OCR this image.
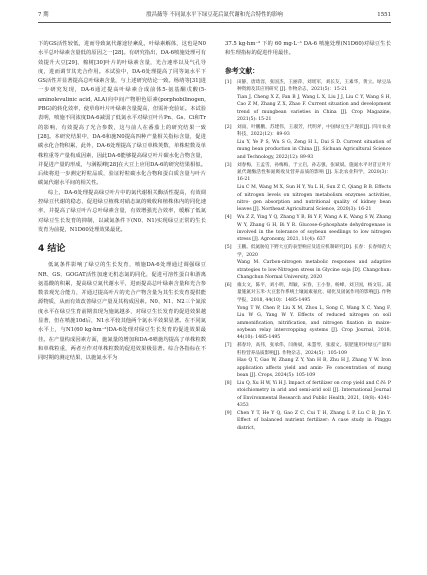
7 期	殷昌薇等 不同氮水平下绿豆花后氮代谢和光合特性的影响	1551

下的GS活性较低，进而导致氮代谢途径紊乱，叶绿素解体，这也是N0水平总叶绿素含量低的原因之一[28]。有研究指出，DA-6喷施处理可有效提升大豆[29]、棉树[30]叶片的叶绿素含量，光合速率以及气孔导度，进而调节其光合作用。本试验中，DA-6处理提高了同等氮水平下GS活性并显著提高总叶绿素含量，与上述研究结论一致。杨靖等[31]进一步研究发现，DA-6通过提高叶绿素合成前体5-氨基酮戊酸(5-aminolevulinic acid, ALA)向中间产物胆色原素(porphobilinogen, PBG)的转化效率，使草莓叶片叶绿素含量提高，但需补充验证。本试验表明，喷施不同浓度DA-6减弱了低氮水平对绿豆叶片Pn、Gs、Ci和Tr的影响，有效提高了光合参数，这与前人在番茄上的研究结果一致[28]。本研究结果中，DA-6和施N0提高四种产量相关指标含量，促进碳水化合物积累，此外，DA-6处理提高了绿豆单株荚数、单株粒数及单株粒重等产量构成因素，因此DA-6能够提高绿豆叶片碳水化合物含量，并促进产量的形成，与满振峰[28]在大豆上应用DA-6的研究结果相似。后续将进一步测定籽粒品质，验证籽粒碳水化合物和蛋白质含量与叶片碳氮代谢水平间的相关性。

综上，DA-6处理提高绿豆叶片中的氮代谢相关酶活性提高，有效调控绿豆代谢的稳态，促进绿豆植株对硝态氮的吸收和植株体内的同化速率，并提高了绿豆叶片总叶绿素含量，有效增强光合效率，缓解了低氮对绿豆生长发育的抑制，以减氮条件下(N0、N1)实现绿豆正常的生长发育为前提，N1D60处理效果最优。

4 结论

低氮条件影响了绿豆的生长发育，喷施DA-6处理通过调强绿豆NR、GS、GOGAT活性加速无机态氮的同化，促进可溶性蛋白和游离氨基酸的积累，提高绿豆氮代谢水平，进而提高总叶绿素含量和光合参数表观光合能力，并通过提高叶片的光合产物含量为其生长发育提供能源物质，从而有效改善绿豆产量及其构成因素。N0、N1、N2三个氮浓度水平在绿豆生育前期表现为施氮越多，对绿豆生长发育的促进效果越显著，但在喷施10d后，N1水平较其他两个氮水平效果显著。在不同氮水平上，与N1(60 kg·hm⁻²)DA-6处理对绿豆生长发育的促进效果最佳。在产量构成因素方面，施氮量的增加和DA-6喷施均提高了单株粒数和单株粒重，两者互作对单株粒数的促进效果极显著。综合各指标在不同时期的测定结果，以施氮水平为

37.5 kg·hm⁻² 下的 60 mg·L⁻¹ DA-6 喷施处理(N1D60)对绿豆生长和生理指标的促进作用最佳。

参考文献：
[1]	田静，唐琦容，张国杰，王丽萍，刘瑶军，刘长友，王素华，黄立。绿豆品种资源及其应用研究 [J]. 作物杂志，2021(5)：15-21
Tian J, Cheng X Z, Fan B J, Wang L X, Liu J J, Liu C Y, Wang S H, Cao Z M, Zhang Z X, Zhao F. Current situation and development trend of mungbean varieties in China [J]. Crop Magazine, 2021(5): 15-21
[2]	刘雨，叶鹏鹏，苏建伟，王淑芳，代明斧，中国绿豆生产现状[J]. 四川农业科技，2022(12)：89-93
Liu Y, Ye P S, Wu S G, Zeng H L, Dai S D. Current situation of mung bean production in China [J]. Sichuan Agricultural Science and Technology, 2022(12): 89-93
[3]	刘春梅，王孟雪，孙梅梅，于立启，孙志强，张斌斌。施氮水平对苜豆叶片氮代谢酶活性和氮吸收及营养品质的影响 [J]. 东北农业科学，2020(3)：16-21
Liu C M, Wang M X, Sun H Y, Yu L H, Sun Z C, Qiang B B. Effects of nitrogen levels on nitrogen metabolism enzymes activities, nitro- gen absorption and nutritional quality of kidney bean leaves [J]. Northeast Agricultural Science, 2020(3): 16-21
[4]	Wu Z Z, Ying Y Q, Zhang Y B, Bi Y F, Wang A K, Wang S W, Zhang W Y, Zhang G H, Bi Y R. Glucose-6-phosphate dehydrogenase is involved in the tolerance of soybean seedlings to low nitrogen stress [J]. Agronomy, 2021, 11(4): 637
[5]	王鹏。低氮胁迫下野大豆的表型响应及适应机制研究[D]. 长春：长春师范大学，2020
Wang M. Carbon-nitrogen metabolic responses and adaptive strategies to low-Nitrogen stress in Glycine soja [D]. Changchun: Changchun Normal University, 2020
[6]	雍太文，陈平，刘小明，周颖，宋春，王小春，杨峰，刘卫国，杨文钰。减量施氮对玉米-大豆套作系统土壤氮素氨化、硝化及固氮作用的影响[J]. 作物学报，2018, 44(10)：1485-1495
Yong T W, Chen P, Liu X M, Zhou L, Song C, Wang X C, Yang F, Liu W G, Yang W Y. Effects of reduced nitrogen on soil ammonification, nitrification, and nitrogen fixation in maize-soybean relay intercropping systems [J]. Crop Journal, 2018, 44(10): 1485-1495
[7]	郝春玲，高伟，张承伟，闫俊斌，朱慧琴，张淑文。依肥施用对绿豆产量和籽粒营养品质影响[J]. 作物杂志，2024(5)：105-109
Hao Q T, Gao W, Zhang Z Y, Yan H B, Zhu H J, Zhang Y W. Iron application affects yield and amin- Fe concentration of mung bean [J]. Crops, 2024(5): 105-109
[8]	Liu Q, Xu H W, Yi H J. Impact of fertilizer on crop yield and C:N: P stoichiometry in arid and semi-arid soil [J]. International Journal of Environmental Research and Public Health, 2021, 18(8): 4341-4353
[9]	Chen Y T, He Y Q, Gao Z C, Cui T H, Zhang L P, Lu C B, Jin Y. Effect of balanced nutrient fertilizer: A case study in Pinggu district,
